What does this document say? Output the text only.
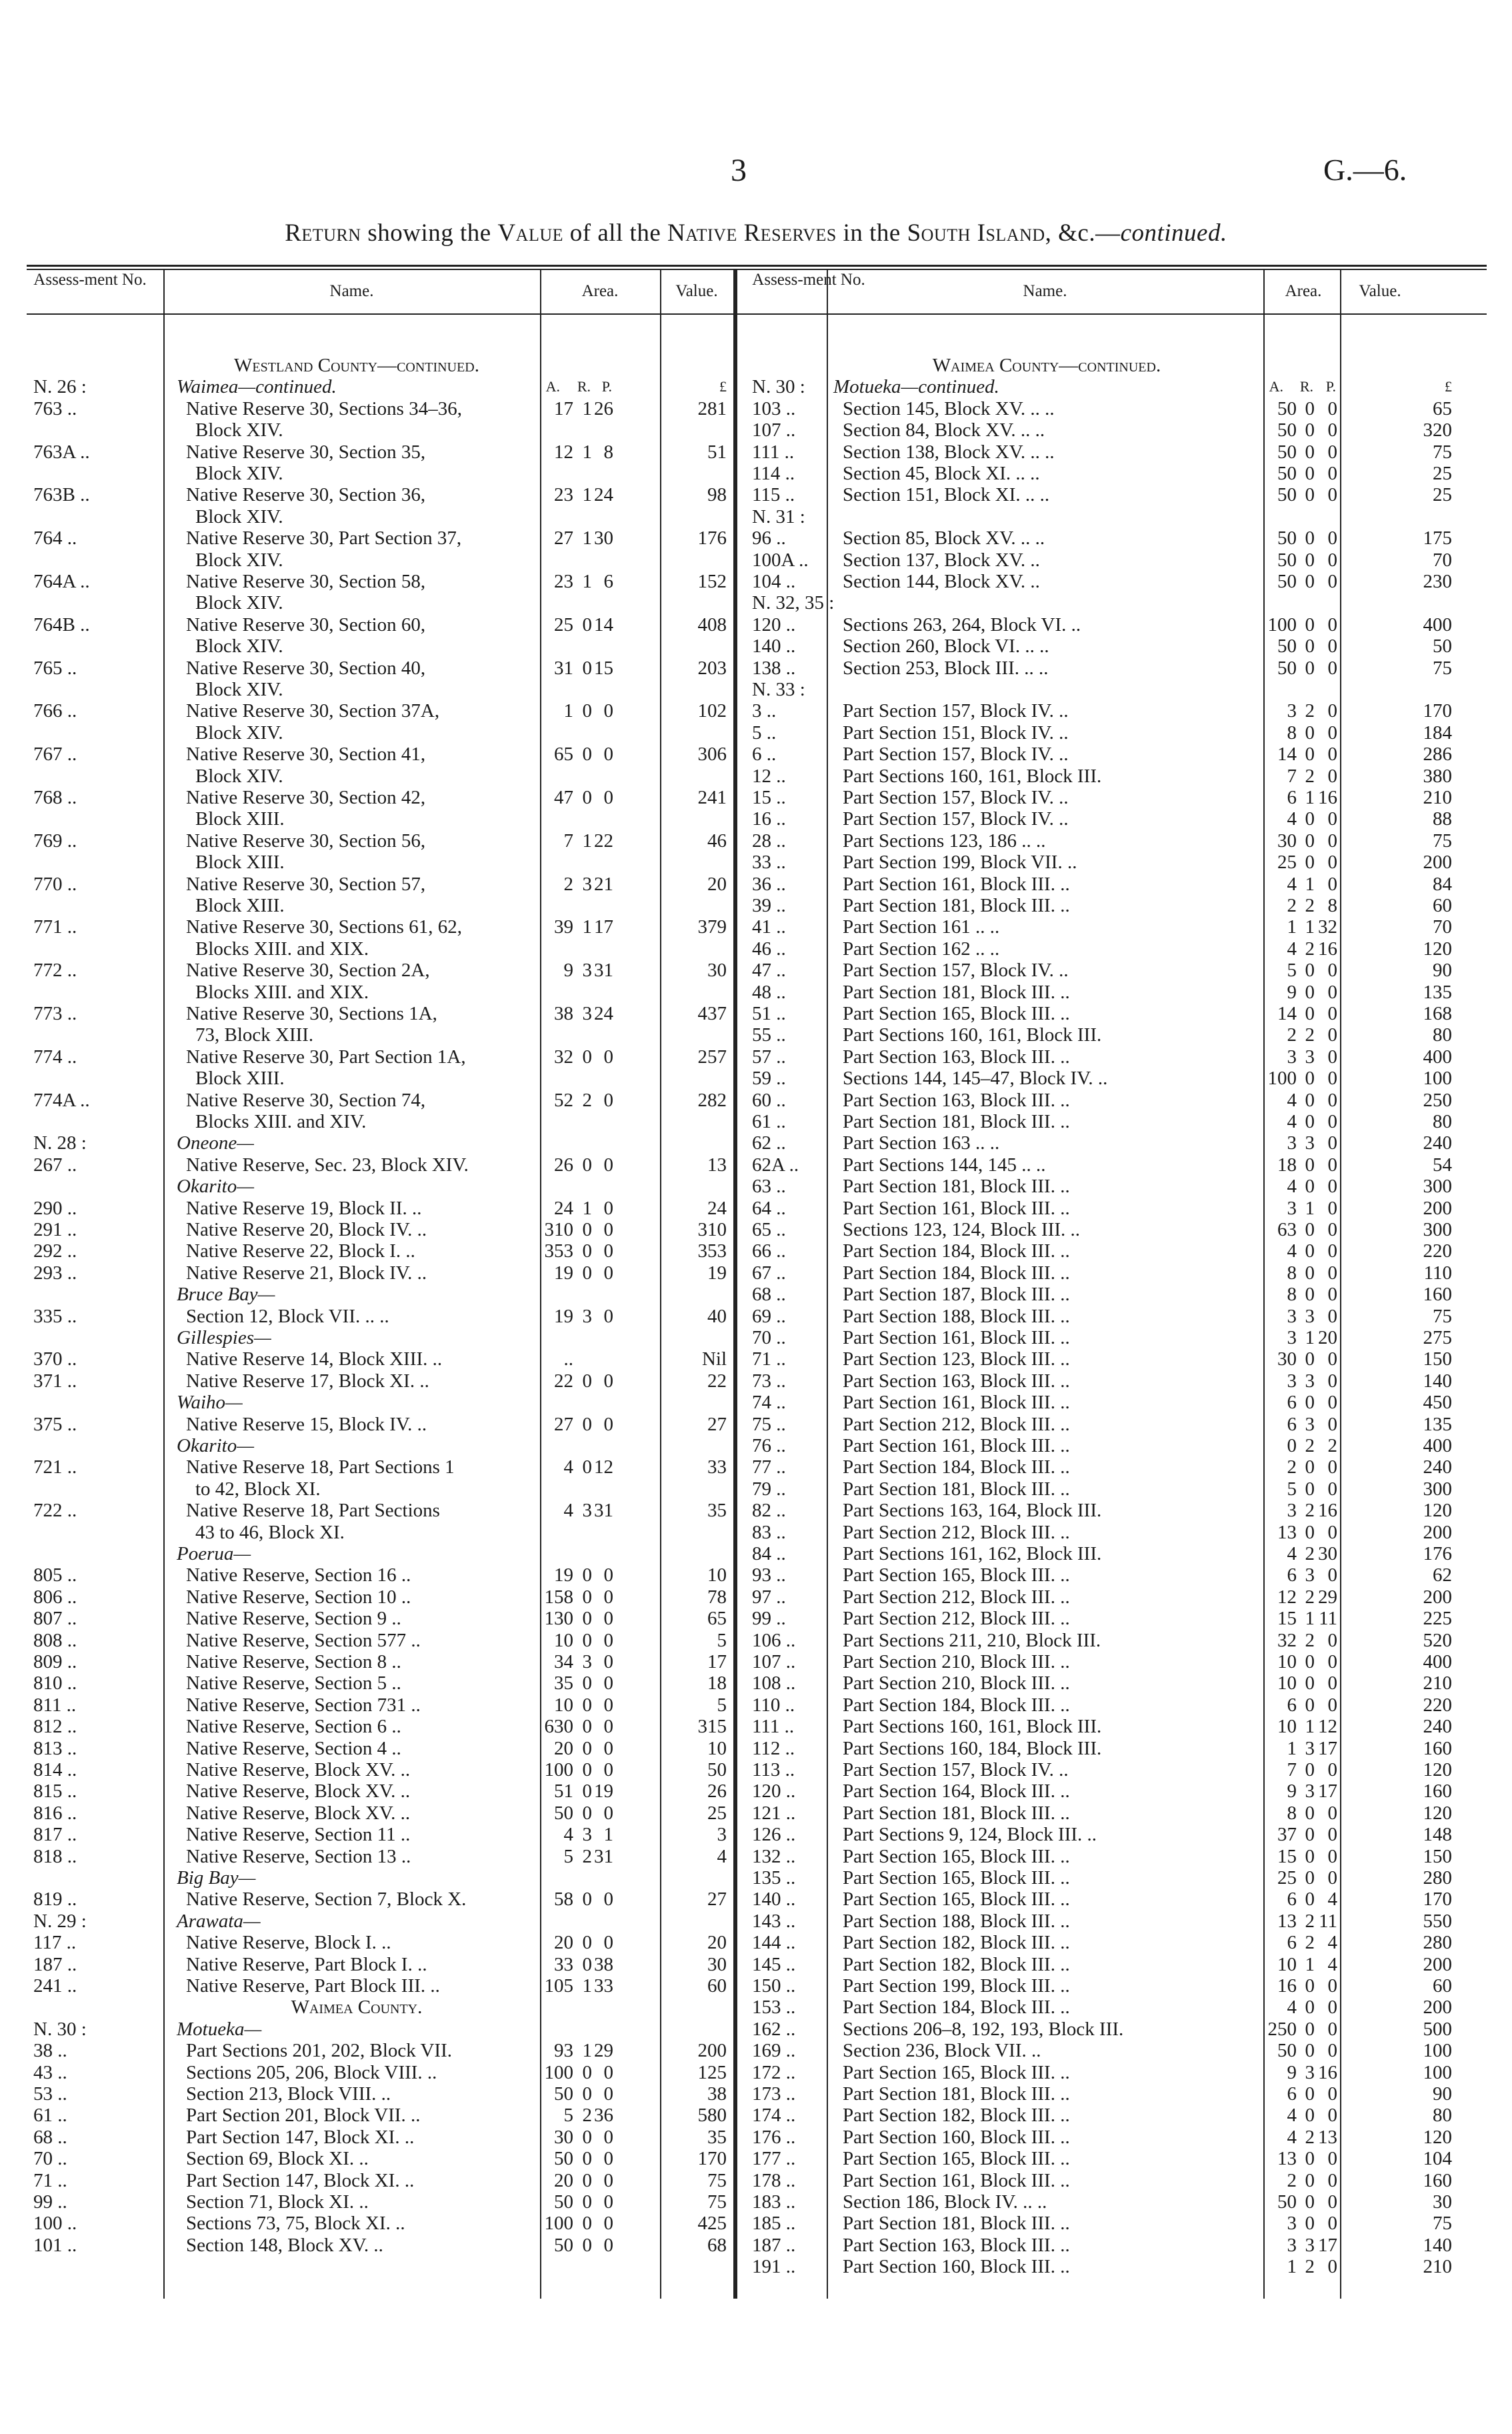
3	G.—6.
Return showing the Value of all the Native Reserves in the South Island, &c.—continued.
Assess-ment No.
Name.	Area.	Value.
Westland County—continued.
N. 26 :	Waimea—continued.	A.	R. P.	£
763 ..	Native Reserve 30, Sections 34–36,	17 1 26	281
Block XIV.
763A ..	Native Reserve 30, Section 35,	12 1 8	51
Block XIV.
763B ..	Native Reserve 30, Section 36,	23 1 24	98
Block XIV.
764 ..	Native Reserve 30, Part Section 37,	27 1 30	176
Block XIV.
764A ..	Native Reserve 30, Section 58,	23 1 6	152
Block XIV.
764B ..	Native Reserve 30, Section 60,	25 0 14	408
Block XIV.
765 ..	Native Reserve 30, Section 40,	31 0 15	203
Block XIV.
766 ..	Native Reserve 30, Section 37A,	1 0 0	102
Block XIV.
767 ..	Native Reserve 30, Section 41,	65 0 0	306
Block XIV.
768 ..	Native Reserve 30, Section 42,	47 0 0	241
Block XIII.
769 ..	Native Reserve 30, Section 56,	7 1 22	46
Block XIII.
770 ..	Native Reserve 30, Section 57,	2 3 21	20
Block XIII.
771 ..	Native Reserve 30, Sections 61, 62,	39 1 17	379
Blocks XIII. and XIX.
772 ..	Native Reserve 30, Section 2A,	9 3 31	30
Blocks XIII. and XIX.
773 ..	Native Reserve 30, Sections 1A,	38 3 24	437
73, Block XIII.
774 ..	Native Reserve 30, Part Section 1A,	32 0 0	257
Block XIII.
774A ..	Native Reserve 30, Section 74,	52 2 0	282
Blocks XIII. and XIV.
N. 28 :	Oneone—
267 ..	Native Reserve, Sec. 23, Block XIV.	26 0 0	13
Okarito—
290 ..	Native Reserve 19, Block II. ..	24 1 0	24
291 ..	Native Reserve 20, Block IV. ..	310 0 0	310
292 ..	Native Reserve 22, Block I. ..	353 0 0	353
293 ..	Native Reserve 21, Block IV. ..	19 0 0	19
Bruce Bay—
335 ..	Section 12, Block VII. .. ..	19 3 0	40
Gillespies—
370 ..	Native Reserve 14, Block XIII. ..	..	Nil
371 ..	Native Reserve 17, Block XI. ..	22 0 0	22
Waiho—
375 ..	Native Reserve 15, Block IV. ..	27 0 0	27
Okarito—
721 ..	Native Reserve 18, Part Sections 1	4 0 12	33
to 42, Block XI.
722 ..	Native Reserve 18, Part Sections	4 3 31	35
43 to 46, Block XI.
Poerua—
805 ..	Native Reserve, Section 16 ..	19 0 0	10
806 ..	Native Reserve, Section 10 ..	158 0 0	78
807 ..	Native Reserve, Section 9 ..	130 0 0	65
808 ..	Native Reserve, Section 577 ..	10 0 0	5
809 ..	Native Reserve, Section 8 ..	34 3 0	17
810 ..	Native Reserve, Section 5 ..	35 0 0	18
811 ..	Native Reserve, Section 731 ..	10 0 0	5
812 ..	Native Reserve, Section 6 ..	630 0 0	315
813 ..	Native Reserve, Section 4 ..	20 0 0	10
814 ..	Native Reserve, Block XV. ..	100 0 0	50
815 ..	Native Reserve, Block XV. ..	51 0 19	26
816 ..	Native Reserve, Block XV. ..	50 0 0	25
817 ..	Native Reserve, Section 11 ..	4 3 1	3
818 ..	Native Reserve, Section 13 ..	5 2 31	4
Big Bay—
819 ..	Native Reserve, Section 7, Block X.	58 0 0	27
N. 29 :	Arawata—
117 ..	Native Reserve, Block I. ..	20 0 0	20
187 ..	Native Reserve, Part Block I. ..	33 0 38	30
241 ..	Native Reserve, Part Block III. ..	105 1 33	60
Waimea County.
N. 30 :	Motueka—
38 ..	Part Sections 201, 202, Block VII.	93 1 29	200
43 ..	Sections 205, 206, Block VIII. ..	100 0 0	125
53 ..	Section 213, Block VIII. ..	50 0 0	38
61 ..	Part Section 201, Block VII. ..	5 2 36	580
68 ..	Part Section 147, Block XI. ..	30 0 0	35
70 ..	Section 69, Block XI. ..	50 0 0	170
71 ..	Part Section 147, Block XI. ..	20 0 0	75
99 ..	Section 71, Block XI. ..	50 0 0	75
100 ..	Sections 73, 75, Block XI. ..	100 0 0	425
101 ..	Section 148, Block XV. ..	50 0 0	68
Assess-ment No.
Name.	Area.	Value.
Waimea County—continued.
N. 30 : Motueka—continued.	A.	R. P.	£
103 .. Section 145, Block XV. .. ..	50 0 0	65
107 .. Section 84, Block XV. .. ..	50 0 0	320
111 ..	Section 138, Block XV. .. ..	50 0 0	75
114 .. Section 45, Block XI. .. ..	50 0 0	25
115 .. Section 151, Block XI. .. ..	50 0 0	25
N. 31 :
96 ..	Section 85, Block XV. .. ..	50 0 0	175
100A .. Section 137, Block XV. ..	50 0 0	70
104 .. Section 144, Block XV. ..	50 0 0	230
N. 32, 35 :
120 .. Sections 263, 264, Block VI. ..	100 0 0	400
140 .. Section 260, Block VI. .. ..	50 0 0	50
138 .. Section 253, Block III. .. ..	50 0 0	75
N. 33 :
3 ..	Part Section 157, Block IV. ..	3 2 0	170
5 ..	Part Section 151, Block IV. ..	8 0 0	184
6 ..	Part Section 157, Block IV. ..	14 0 0	286
12 ..	Part Sections 160, 161, Block III.	7 2 0	380
15 ..	Part Section 157, Block IV. ..	6 1 16	210
16 ..	Part Section 157, Block IV. ..	4 0 0	88
28 ..	Part Sections 123, 186 .. ..	30 0 0	75
33 ..	Part Section 199, Block VII. ..	25 0 0	200
36 ..	Part Section 161, Block III. ..	4 1 0	84
39 ..	Part Section 181, Block III. ..	2 2 8	60
41 ..	Part Section 161 .. ..	1 1 32	70
46 ..	Part Section 162 .. ..	4 2 16	120
47 ..	Part Section 157, Block IV. ..	5 0 0	90
48 ..	Part Section 181, Block III. ..	9 0 0	135
51 ..	Part Section 165, Block III. ..	14 0 0	168
55 ..	Part Sections 160, 161, Block III.	2 2 0	80
57 ..	Part Section 163, Block III. ..	3 3 0	400
59 ..	Sections 144, 145–47, Block IV. ..	100 0 0	100
60 ..	Part Section 163, Block III. ..	4 0 0	250
61 ..	Part Section 181, Block III. ..	4 0 0	80
62 ..	Part Section 163 .. ..	3 3 0	240
62A .. Part Sections 144, 145 .. ..	18 0 0	54
63 ..	Part Section 181, Block III. ..	4 0 0	300
64 ..	Part Section 161, Block III. ..	3 1 0	200
65 ..	Sections 123, 124, Block III. ..	63 0 0	300
66 ..	Part Section 184, Block III. ..	4 0 0	220
67 ..	Part Section 184, Block III. ..	8 0 0	110
68 ..	Part Section 187, Block III. ..	8 0 0	160
69 ..	Part Section 188, Block III. ..	3 3 0	75
70 ..	Part Section 161, Block III. ..	3 1 20	275
71 ..	Part Section 123, Block III. ..	30 0 0	150
73 ..	Part Section 163, Block III. ..	3 3 0	140
74 ..	Part Section 161, Block III. ..	6 0 0	450
75 ..	Part Section 212, Block III. ..	6 3 0	135
76 ..	Part Section 161, Block III. ..	0 2 2	400
77 ..	Part Section 184, Block III. ..	2 0 0	240
79 ..	Part Section 181, Block III. ..	5 0 0	300
82 ..	Part Sections 163, 164, Block III.	3 2 16	120
83 ..	Part Section 212, Block III. ..	13 0 0	200
84 ..	Part Sections 161, 162, Block III.	4 2 30	176
93 ..	Part Section 165, Block III. ..	6 3 0	62
97 ..	Part Section 212, Block III. ..	12 2 29	200
99 ..	Part Section 212, Block III. ..	15 1 11	225
106 .. Part Sections 211, 210, Block III.	32 2 0	520
107 .. Part Section 210, Block III. ..	10 0 0	400
108 .. Part Section 210, Block III. ..	10 0 0	210
110 .. Part Section 184, Block III. ..	6 0 0	220
111 ..	Part Sections 160, 161, Block III.	10 1 12	240
112 .. Part Sections 160, 184, Block III.	1 3 17	160
113 .. Part Section 157, Block IV. ..	7 0 0	120
120 .. Part Section 164, Block III. ..	9 3 17	160
121 .. Part Section 181, Block III. ..	8 0 0	120
126 .. Part Sections 9, 124, Block III. ..	37 0 0	148
132 .. Part Section 165, Block III. ..	15 0 0	150
135 .. Part Section 165, Block III. ..	25 0 0	280
140 .. Part Section 165, Block III. ..	6 0 4	170
143 .. Part Section 188, Block III. ..	13 2 11	550
144 .. Part Section 182, Block III. ..	6 2 4	280
145 .. Part Section 182, Block III. ..	10 1 4	200
150 .. Part Section 199, Block III. ..	16 0 0	60
153 .. Part Section 184, Block III. ..	4 0 0	200
162 .. Sections 206–8, 192, 193, Block III.	250 0 0	500
169 .. Section 236, Block VII. ..	50 0 0	100
172 .. Part Section 165, Block III. ..	9 3 16	100
173 .. Part Section 181, Block III. ..	6 0 0	90
174 .. Part Section 182, Block III. ..	4 0 0	80
176 .. Part Section 160, Block III. ..	4 2 13	120
177 .. Part Section 165, Block III. ..	13 0 0	104
178 .. Part Section 161, Block III. ..	2 0 0	160
183 .. Section 186, Block IV. .. ..	50 0 0	30
185 .. Part Section 181, Block III. ..	3 0 0	75
187 .. Part Section 163, Block III. ..	3 3 17	140
191 .. Part Section 160, Block III. ..	1 2 0	210
